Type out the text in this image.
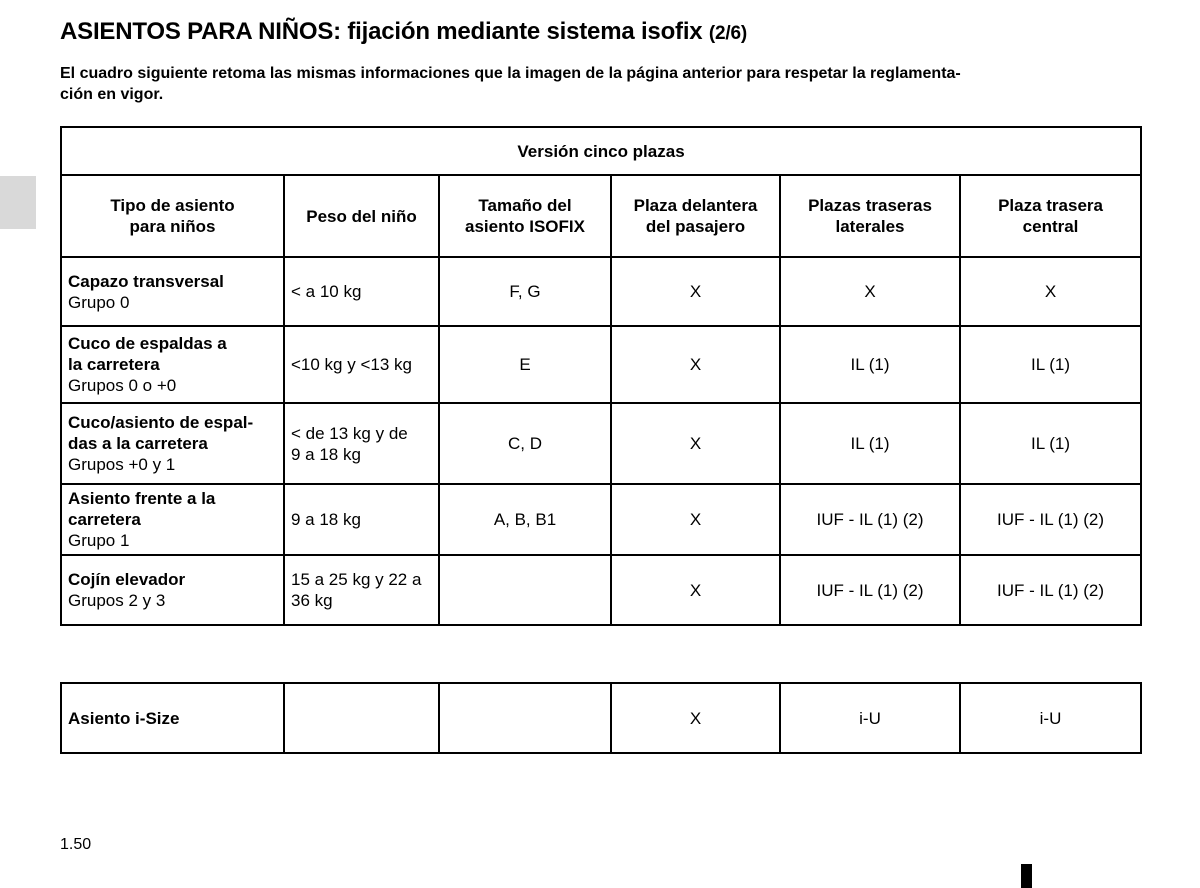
ASIENTOS PARA NIÑOS: fijación mediante sistema isofix (2/6)

El cuadro siguiente retoma las mismas informaciones que la imagen de la página anterior para respetar la reglamenta-
ción en vigor.

Versión cinco plazas					

Tipo de asiento
para niños	Peso del niño	Tamaño del
asiento ISOFIX	Plaza delantera
del pasajero	Plazas traseras
laterales	Plaza trasera
central

Capazo transversal
Grupo 0	< a 10 kg	F, G	X	X	X

Cuco de espaldas a
la carretera
Grupos 0 o +0	<10 kg y <13 kg	E	X	IL (1)	IL (1)

Cuco/asiento de espal-
das a la carretera
Grupos +0 y 1	< de 13 kg y de
9 a 18 kg	C, D	X	IL (1)	IL (1)

Asiento frente a la
carretera
Grupo 1	9 a 18 kg	A, B, B1	X	IUF - IL (1) (2)	IUF - IL (1) (2)

Cojín elevador
Grupos 2 y 3	15 a 25 kg y 22 a
36 kg		X	IUF - IL (1) (2)	IUF - IL (1) (2)
Asiento i-Size			X	i-U	i-U
1.50
